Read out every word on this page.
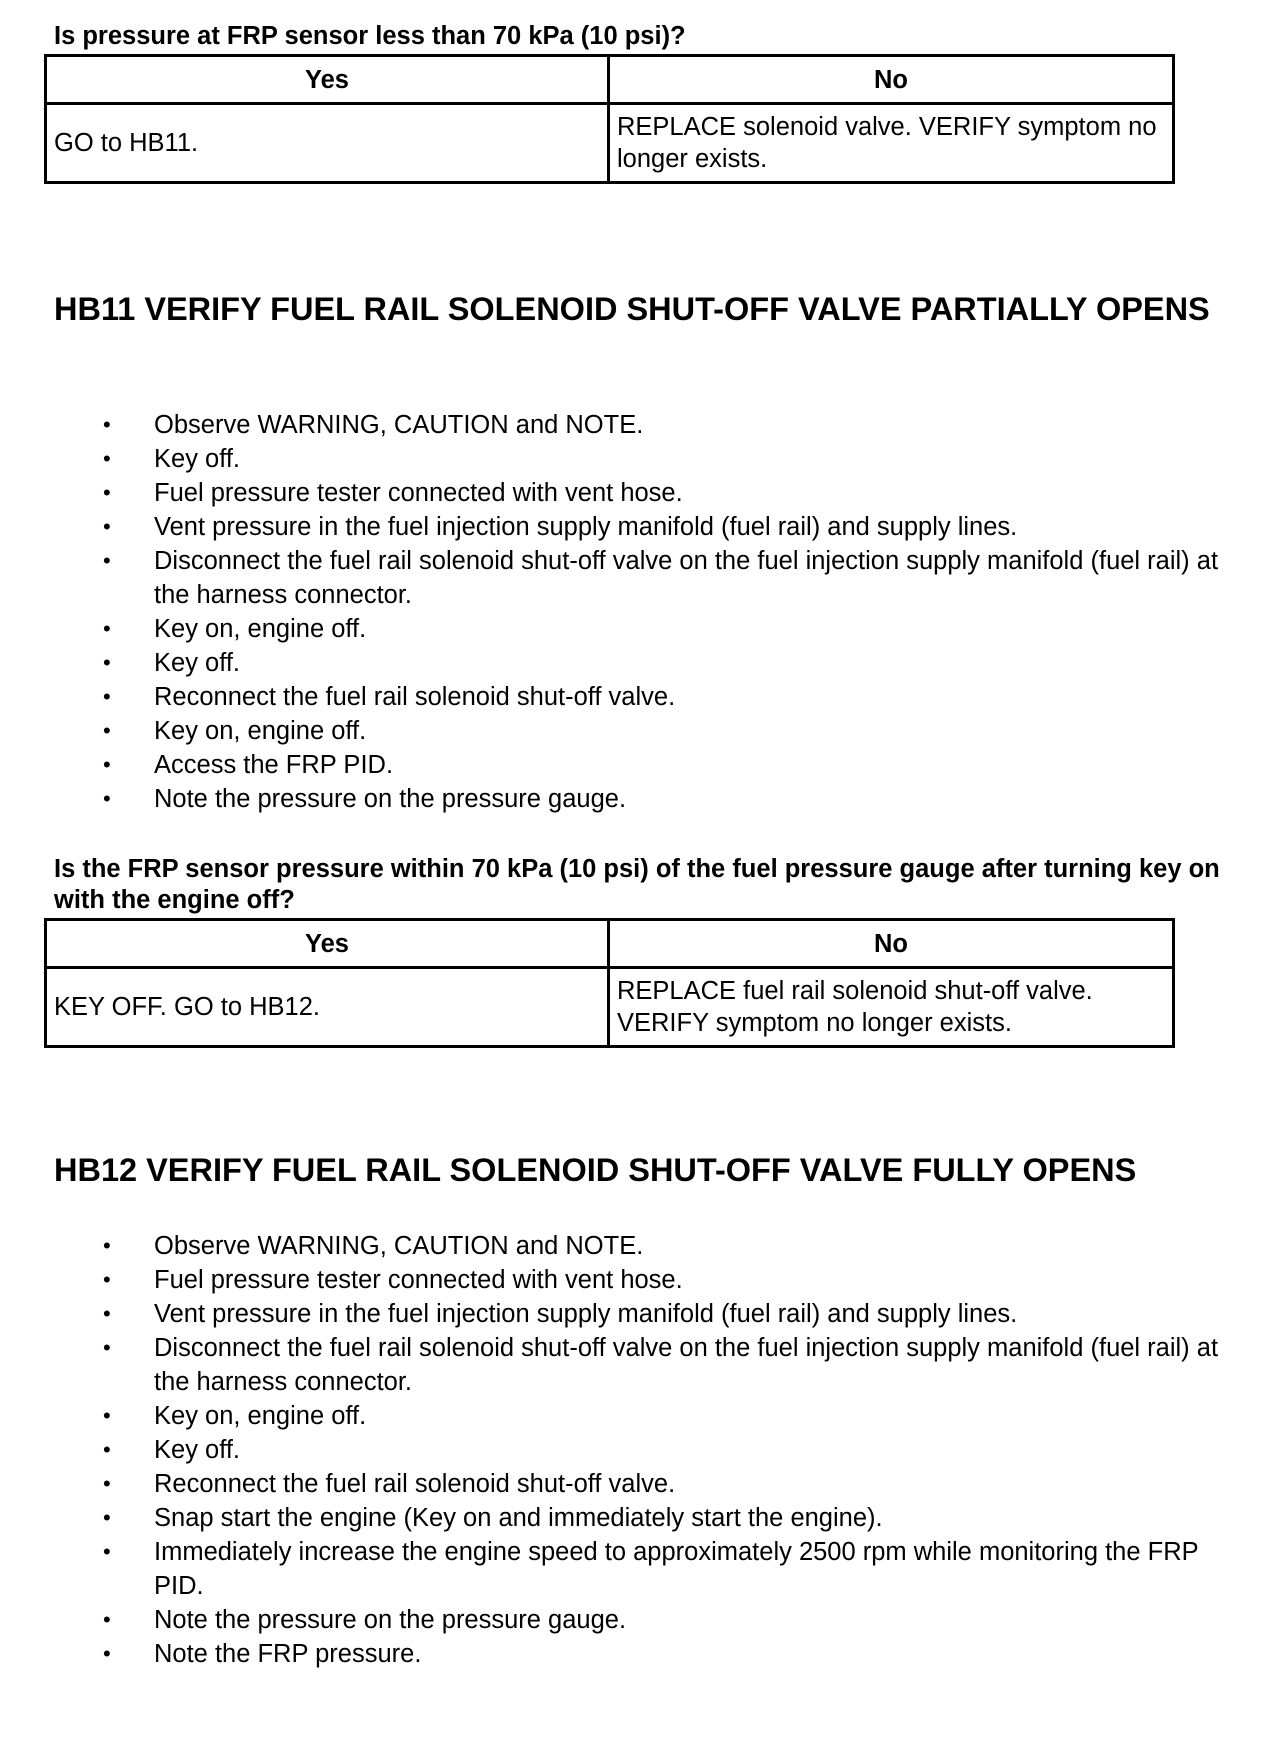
Is pressure at FRP sensor less than 70 kPa (10 psi)?

Yes	No
GO to HB11.	REPLACE solenoid valve. VERIFY symptom no longer exists.
HB11 VERIFY FUEL RAIL SOLENOID SHUT-OFF VALVE PARTIALLY OPENS
• Observe WARNING, CAUTION and NOTE.
• Key off.
• Fuel pressure tester connected with vent hose.
• Vent pressure in the fuel injection supply manifold (fuel rail) and supply lines.
• Disconnect the fuel rail solenoid shut-off valve on the fuel injection supply manifold (fuel rail) at the harness connector.
• Key on, engine off.
• Key off.
• Reconnect the fuel rail solenoid shut-off valve.
• Key on, engine off.
• Access the FRP PID.
• Note the pressure on the pressure gauge.

Is the FRP sensor pressure within 70 kPa (10 psi) of the fuel pressure gauge after turning key on with the engine off?

Yes	No
KEY OFF. GO to HB12.	REPLACE fuel rail solenoid shut-off valve. VERIFY symptom no longer exists.
HB12 VERIFY FUEL RAIL SOLENOID SHUT-OFF VALVE FULLY OPENS
• Observe WARNING, CAUTION and NOTE.
• Fuel pressure tester connected with vent hose.
• Vent pressure in the fuel injection supply manifold (fuel rail) and supply lines.
• Disconnect the fuel rail solenoid shut-off valve on the fuel injection supply manifold (fuel rail) at the harness connector.
• Key on, engine off.
• Key off.
• Reconnect the fuel rail solenoid shut-off valve.
• Snap start the engine (Key on and immediately start the engine).
• Immediately increase the engine speed to approximately 2500 rpm while monitoring the FRP PID.
• Note the pressure on the pressure gauge.
• Note the FRP pressure.
